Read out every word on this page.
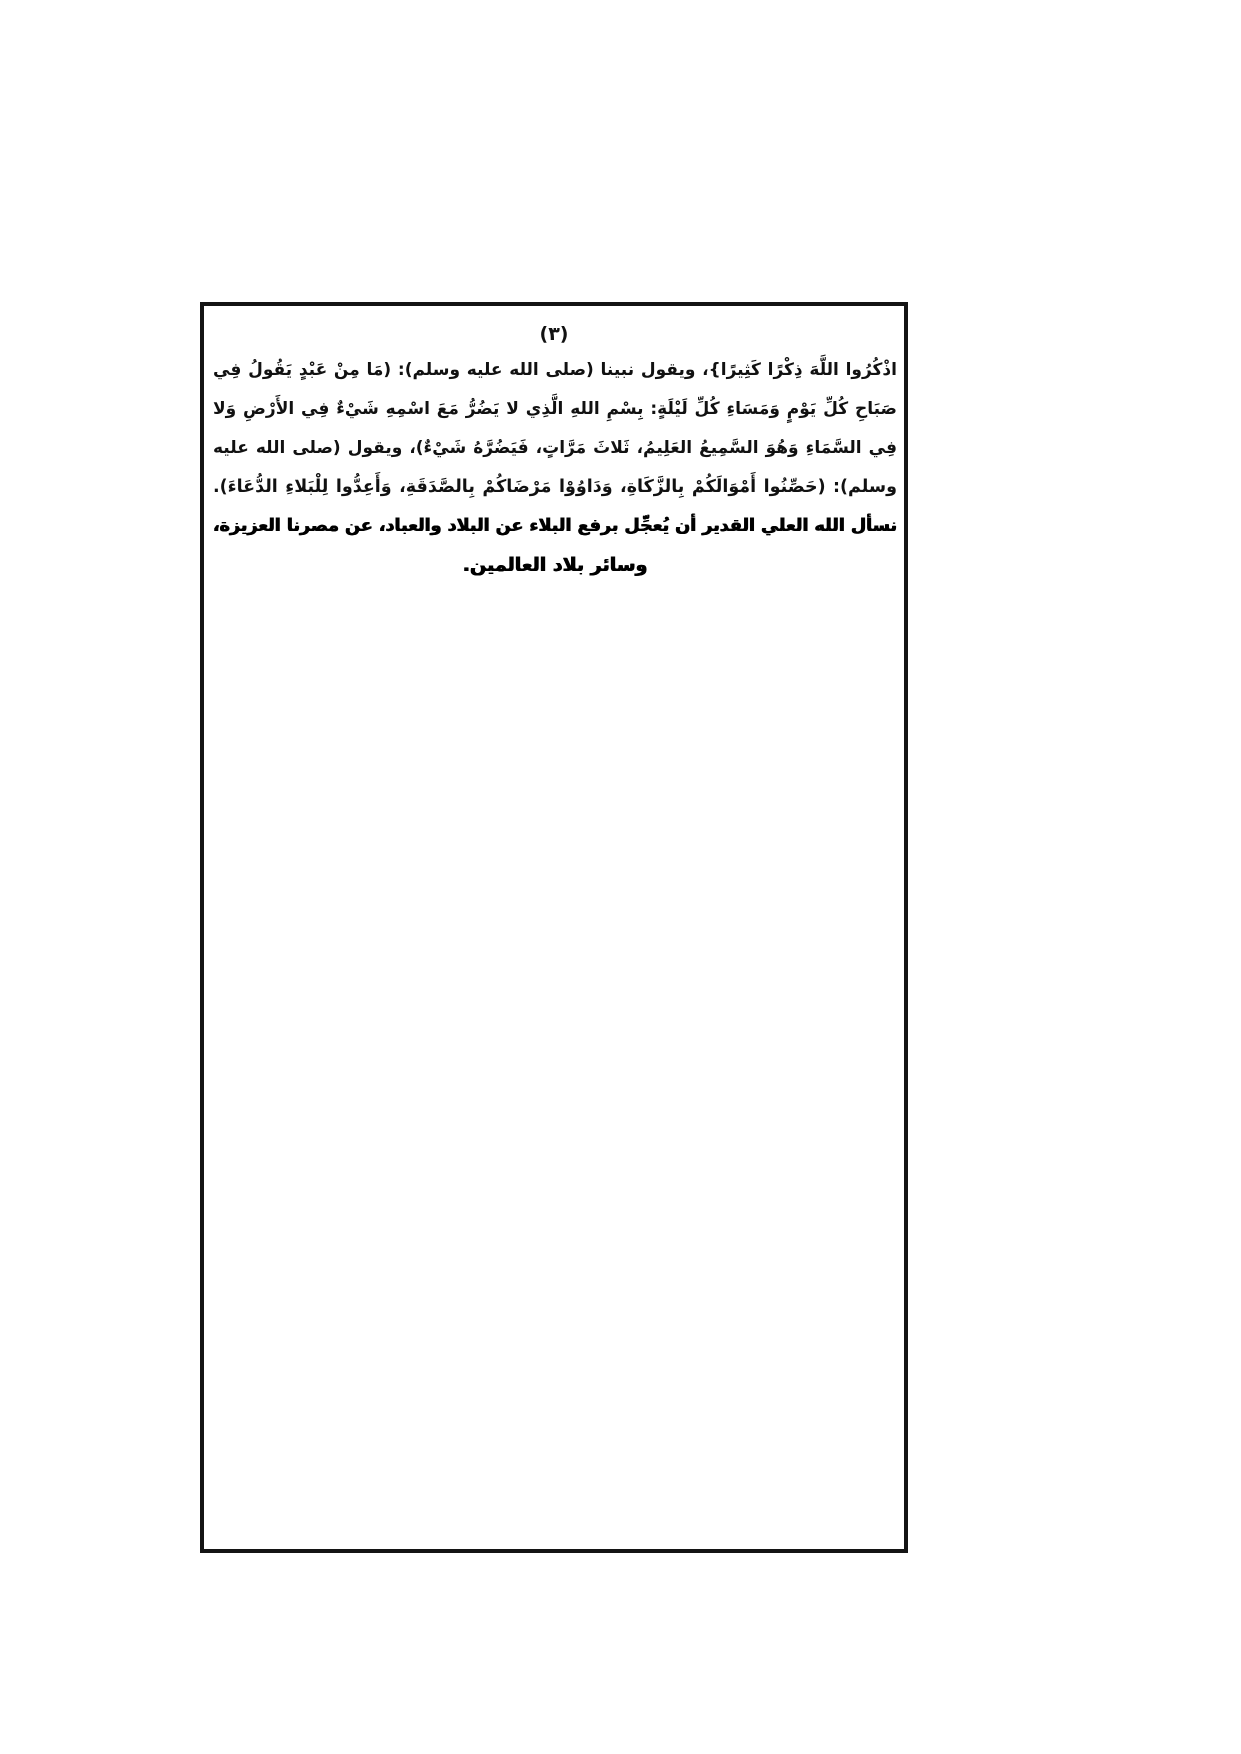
(٣)
اذْكُرُوا اللَّهَ ذِكْرًا كَثِيرًا}، ويقول نبينا (صلى الله عليه وسلم): (مَا مِنْ عَبْدٍ يَقُولُ فِي
صَبَاحِ كُلِّ يَوْمٍ وَمَسَاءِ كُلِّ لَيْلَةٍ: بِسْمِ اللهِ الَّذِي لا يَضُرُّ مَعَ اسْمِهِ شَيْءٌ فِي الأَرْضِ وَلا
فِي السَّمَاءِ وَهُوَ السَّمِيعُ العَلِيمُ، ثَلاثَ مَرَّاتٍ، فَيَضُرَّهُ شَيْءٌ)، ويقول (صلى الله عليه
وسلم): (حَصِّنُوا أَمْوَالَكُمْ بِالزَّكَاةِ، وَدَاوُوْا مَرْضَاكُمْ بِالصَّدَقَةِ، وَأَعِدُّوا لِلْبَلاءِ الدُّعَاءَ).
نسأل الله العلي القدير أن يُعجِّل برفع البلاء عن البلاد والعباد، عن مصرنا العزيزة،
وسائر بلاد العالمين.
